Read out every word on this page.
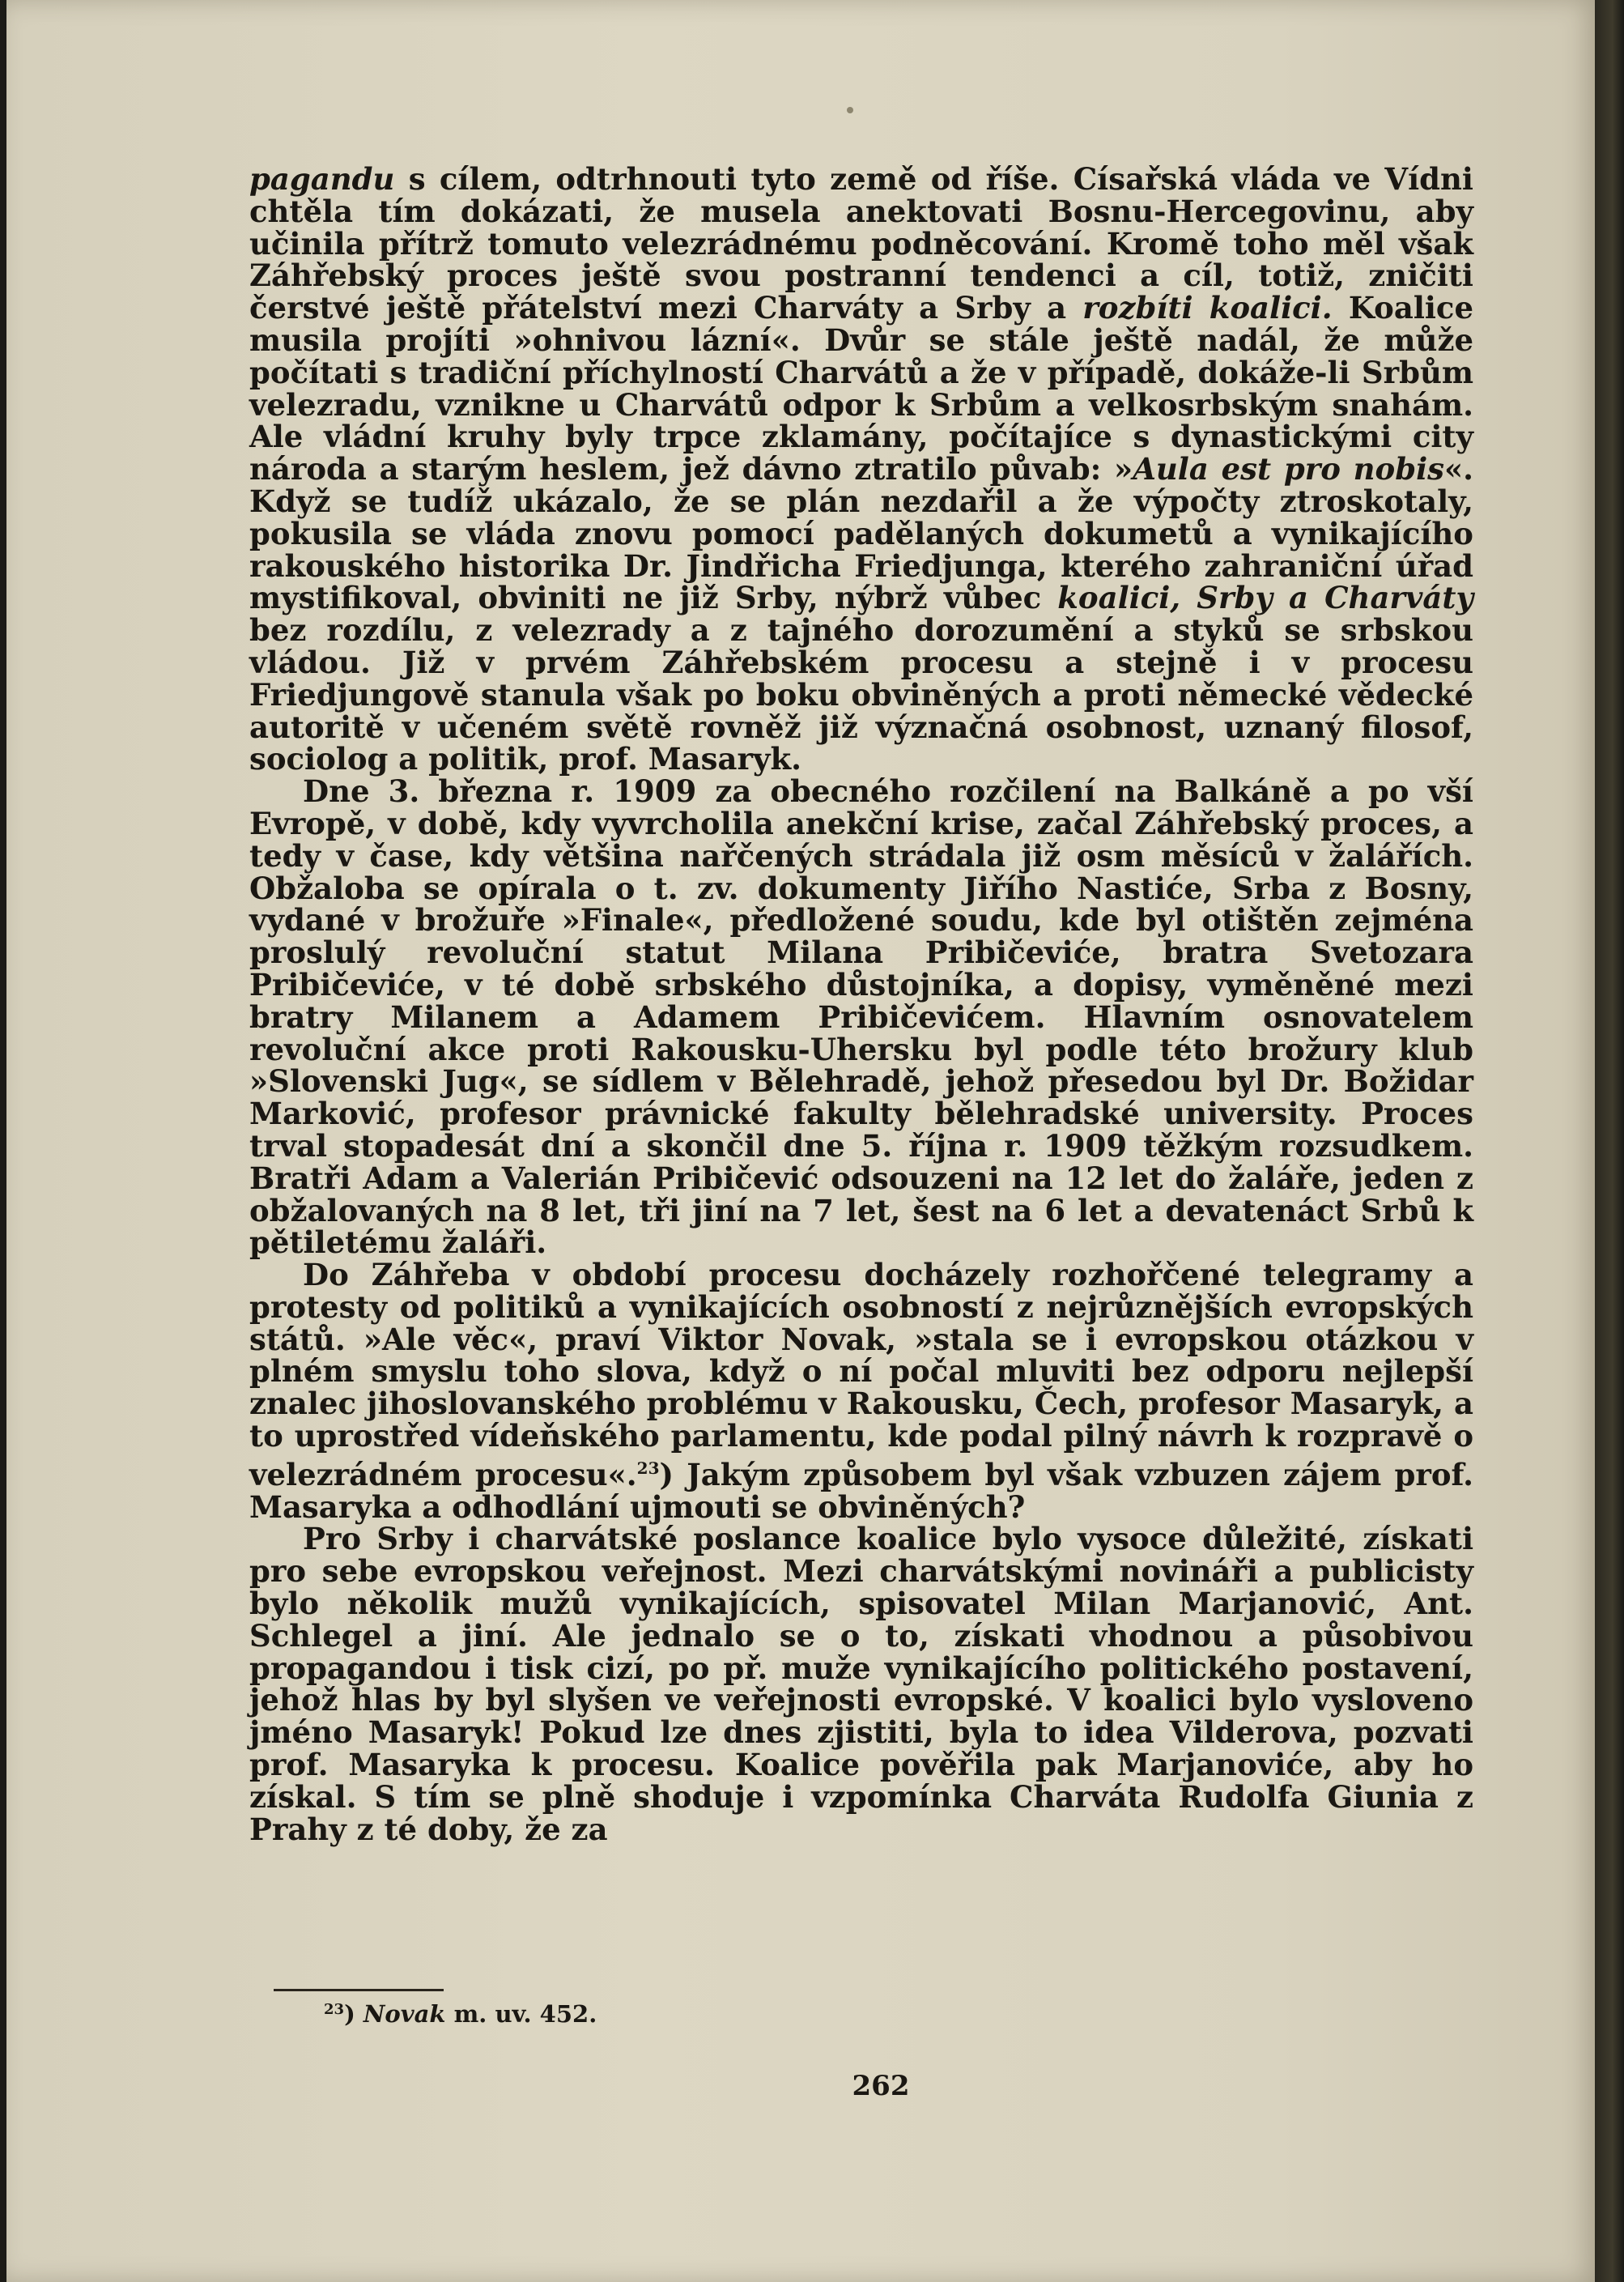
pagandu s cílem, odtrhnouti tyto země od říše. Císařská vláda ve Vídni chtěla tím dokázati, že musela anektovati Bosnu-Hercegovinu, aby učinila přítrž tomuto velezrádnému podněcování. Kromě toho měl však Záhřebský proces ještě svou postranní tendenci a cíl, totiž, zničiti čerstvé ještě přátelství mezi Charváty a Srby a rozbíti koalici. Koalice musila projíti »ohnivou lázní«. Dvůr se stále ještě nadál, že může počítati s tradiční příchylností Charvátů a že v případě, dokáže-li Srbům velezradu, vznikne u Charvátů odpor k Srbům a velkosrbským snahám. Ale vládní kruhy byly trpce zklamány, počítajíce s dynastickými city národa a starým heslem, jež dávno ztratilo půvab: »Aula est pro nobis«. Když se tudíž ukázalo, že se plán nezdařil a že výpočty ztroskotaly, pokusila se vláda znovu pomocí padělaných dokumetů a vynikajícího rakouského historika Dr. Jindřicha Friedjunga, kterého zahraniční úřad mystifikoval, obviniti ne již Srby, nýbrž vůbec koalici, Srby a Charváty bez rozdílu, z velezrady a z tajného dorozumění a styků se srbskou vládou. Již v prvém Záhřebském procesu a stejně i v procesu Friedjungově stanula však po boku obviněných a proti německé vědecké autoritě v učeném světě rovněž již význačná osobnost, uznaný filosof, sociolog a politik, prof. Masaryk.

Dne 3. března r. 1909 za obecného rozčilení na Balkáně a po vší Evropě, v době, kdy vyvrcholila anekční krise, začal Záhřebský proces, a tedy v čase, kdy většina nařčených strádala již osm měsíců v žalářích. Obžaloba se opírala o t. zv. dokumenty Jiřího Nastiće, Srba z Bosny, vydané v brožuře »Finale«, předložené soudu, kde byl otištěn zejména proslulý revoluční statut Milana Pribičeviće, bratra Svetozara Pribičeviće, v té době srbského důstojníka, a dopisy, vyměněné mezi bratry Milanem a Adamem Pribičevićem. Hlavním osnovatelem revoluční akce proti Rakousku-Uhersku byl podle této brožury klub »Slovenski Jug«, se sídlem v Bělehradě, jehož přesedou byl Dr. Božidar Marković, profesor právnické fakulty bělehradské university. Proces trval stopadesát dní a skončil dne 5. října r. 1909 těžkým rozsudkem. Bratři Adam a Valerián Pribičević odsouzeni na 12 let do žaláře, jeden z obžalovaných na 8 let, tři jiní na 7 let, šest na 6 let a devatenáct Srbů k pětiletému žaláři.

Do Záhřeba v období procesu docházely rozhořčené telegramy a protesty od politiků a vynikajících osobností z nejrůznějších evropských států. »Ale věc«, praví Viktor Novak, »stala se i evropskou otázkou v plném smyslu toho slova, když o ní počal mluviti bez odporu nejlepší znalec jihoslovanského problému v Rakousku, Čech, profesor Masaryk, a to uprostřed vídeňského parlamentu, kde podal pilný návrh k rozpravě o velezrádném procesu«.$^{23}$) Jakým způsobem byl však vzbuzen zájem prof. Masaryka a odhodlání ujmouti se obviněných?

Pro Srby i charvátské poslance koalice bylo vysoce důležité, získati pro sebe evropskou veřejnost. Mezi charvátskými novináři a publicisty bylo několik mužů vynikajících, spisovatel Milan Marjanović, Ant. Schlegel a jiní. Ale jednalo se o to, získati vhodnou a působivou propagandou i tisk cizí, po př. muže vynikajícího politického postavení, jehož hlas by byl slyšen ve veřejnosti evropské. V koalici bylo vysloveno jméno Masaryk! Pokud lze dnes zjistiti, byla to idea Vilderova, pozvati prof. Masaryka k procesu. Koalice pověřila pak Marjanoviće, aby ho získal. S tím se plně shoduje i vzpomínka Charváta Rudolfa Giunia z Prahy z té doby, že za

$^{23}$) Novak m. uv. 452.
262
